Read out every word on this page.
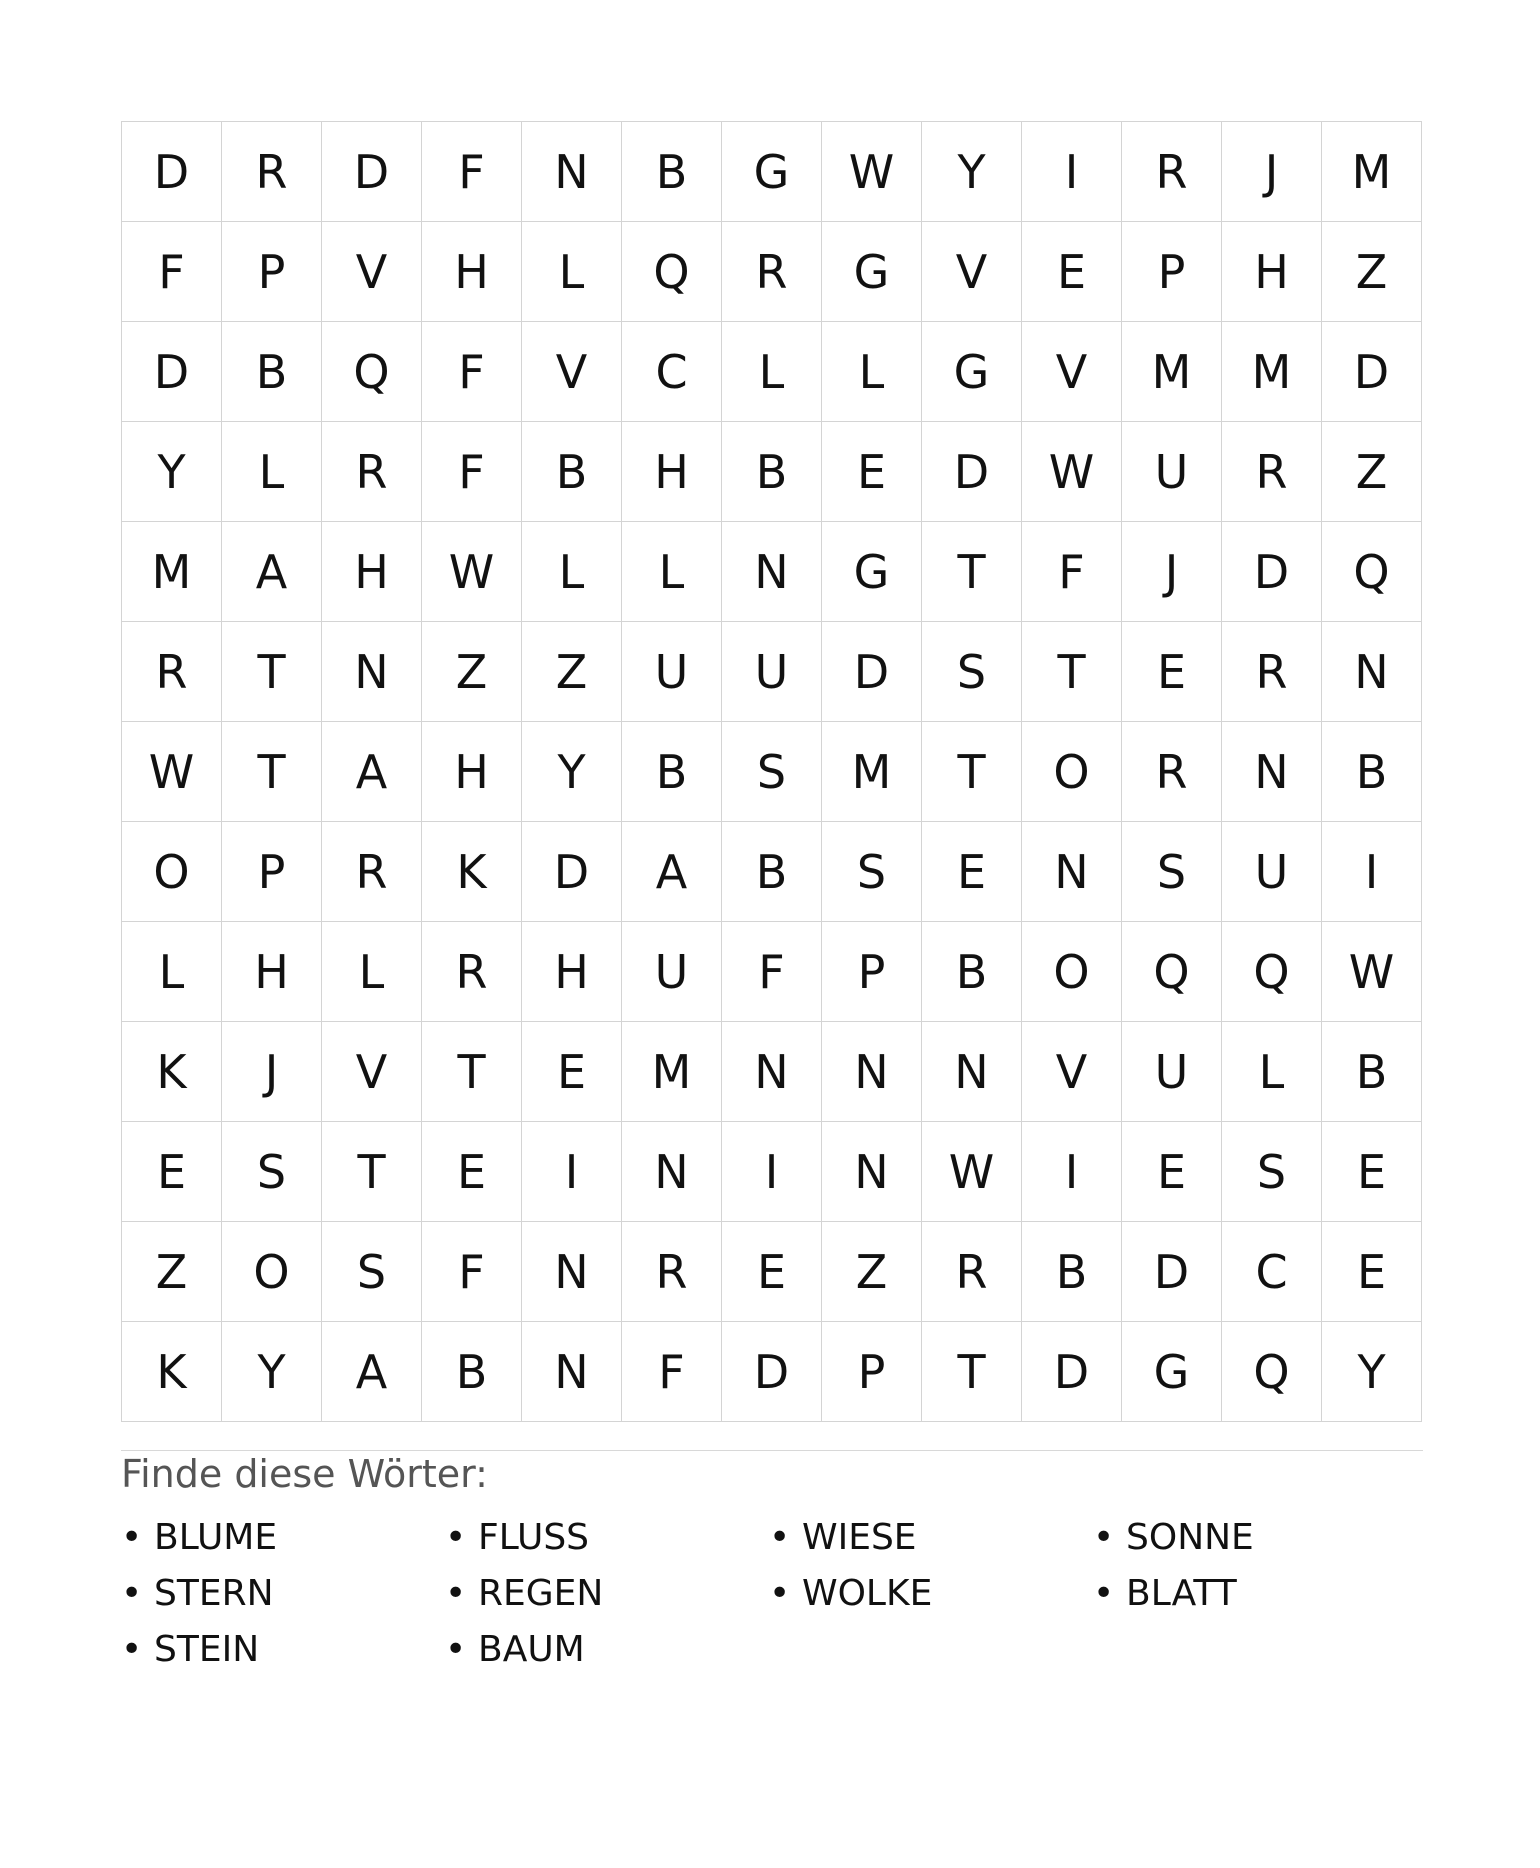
D	R	D	F	N	B	G	W	Y	I	R	J	M
F	P	V	H	L	Q	R	G	V	E	P	H	Z
D	B	Q	F	V	C	L	L	G	V	M	M	D
Y	L	R	F	B	H	B	E	D	W	U	R	Z
M	A	H	W	L	L	N	G	T	F	J	D	Q
R	T	N	Z	Z	U	U	D	S	T	E	R	N
W	T	A	H	Y	B	S	M	T	O	R	N	B
O	P	R	K	D	A	B	S	E	N	S	U	I
L	H	L	R	H	U	F	P	B	O	Q	Q	W
K	J	V	T	E	M	N	N	N	V	U	L	B
E	S	T	E	I	N	I	N	W	I	E	S	E
Z	O	S	F	N	R	E	Z	R	B	D	C	E
K	Y	A	B	N	F	D	P	T	D	G	Q	Y
Finde diese Wörter:
• BLUME	• FLUSS	• WIESE	• SONNE
• STERN	• REGEN	• WOLKE	• BLATT
• STEIN	• BAUM
